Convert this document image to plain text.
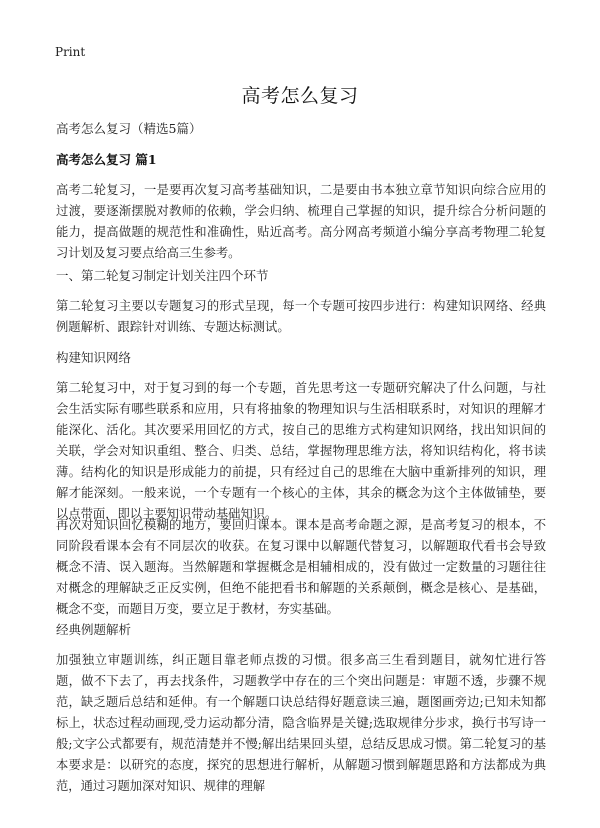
Print
高考怎么复习
高考怎么复习（精选5篇）
高考怎么复习 篇1

高考二轮复习，一是要再次复习高考基础知识，二是要由书本独立章节知识向综合应用的过渡，要逐渐摆脱对教师的依赖，学会归纳、梳理自己掌握的知识，提升综合分析问题的能力，提高做题的规范性和准确性，贴近高考。高分网高考频道小编分享高考物理二轮复习计划及复习要点给高三生参考。

一、第二轮复习制定计划关注四个环节

第二轮复习主要以专题复习的形式呈现，每一个专题可按四步进行：构建知识网络、经典例题解析、跟踪针对训练、专题达标测试。

构建知识网络

第二轮复习中，对于复习到的每一个专题，首先思考这一专题研究解决了什么问题，与社会生活实际有哪些联系和应用，只有将抽象的物理知识与生活相联系时，对知识的理解才能深化、活化。其次要采用回忆的方式，按自己的思维方式构建知识网络，找出知识间的关联，学会对知识重组、整合、归类、总结，掌握物理思维方法，将知识结构化，将书读薄。结构化的知识是形成能力的前提，只有经过自己的思维在大脑中重新排列的知识，理解才能深刻。一般来说，一个专题有一个核心的主体，其余的概念为这个主体做铺垫，要以点带面，即以主要知识带动基础知识。

再次对知识回忆模糊的地方，要回归课本。课本是高考命题之源，是高考复习的根本，不同阶段看课本会有不同层次的收获。在复习课中以解题代替复习，以解题取代看书会导致概念不清、误入题海。当然解题和掌握概念是相辅相成的，没有做过一定数量的习题往往对概念的理解缺乏正反实例，但绝不能把看书和解题的关系颠倒，概念是核心、是基础，概念不变，而题目万变，要立足于教材，夯实基础。

经典例题解析

加强独立审题训练，纠正题目靠老师点拨的习惯。很多高三生看到题目，就匆忙进行答题，做不下去了，再去找条件，习题教学中存在的三个突出问题是：审题不透，步骤不规范，缺乏题后总结和延伸。有一个解题口诀总结得好题意读三遍，题图画旁边;已知未知都标上，状态过程动画现,受力运动都分清，隐含临界是关键;选取规律分步求，换行书写诗一般;文字公式都要有，规范清楚并不慢;解出结果回头望，总结反思成习惯。第二轮复习的基本要求是：以研究的态度，探究的思想进行解析，从解题习惯到解题思路和方法都成为典范，通过习题加深对知识、规律的理解
